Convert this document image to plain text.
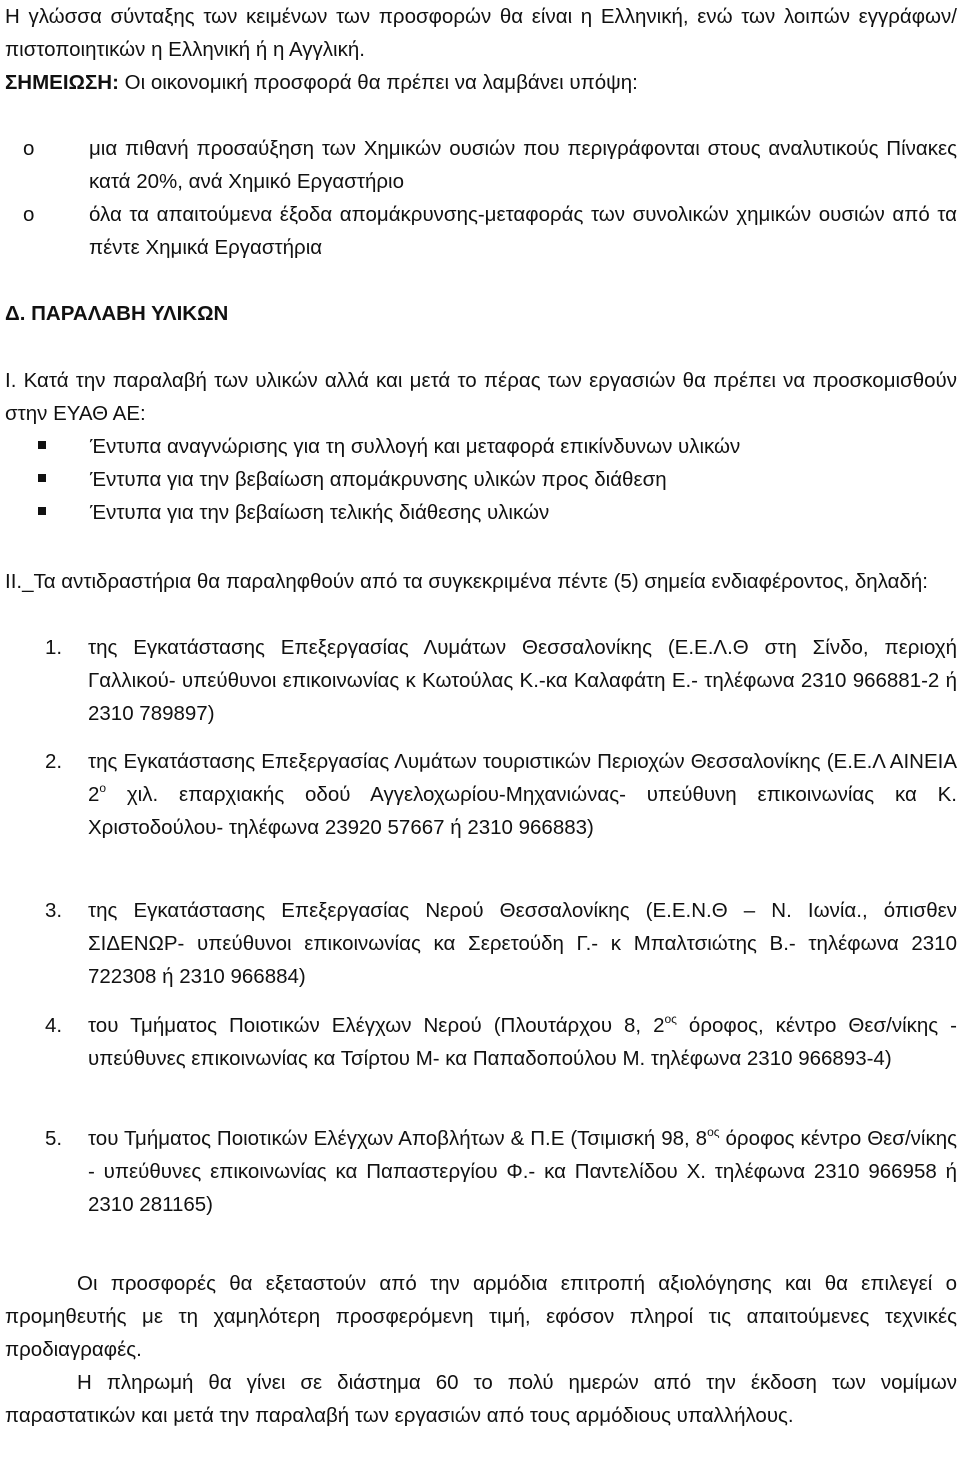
Η γλώσσα σύνταξης των κειμένων των προσφορών θα είναι η Ελληνική, ενώ των λοιπών εγγράφων/ πιστοποιητικών η Ελληνική ή η Αγγλική.

ΣΗΜΕΙΩΣΗ: Οι οικονομική προσφορά θα πρέπει να λαμβάνει υπόψη:

o	μια πιθανή προσαύξηση των Χημικών ουσιών που περιγράφονται στους αναλυτικούς Πίνακες κατά 20%, ανά Χημικό Εργαστήριο
o	όλα τα απαιτούμενα έξοδα απομάκρυνσης-μεταφοράς των συνολικών χημικών ουσιών από τα πέντε Χημικά Εργαστήρια

Δ. ΠΑΡΑΛΑΒΗ ΥΛΙΚΩΝ

Ι. Κατά την παραλαβή των υλικών αλλά και μετά το πέρας των εργασιών θα πρέπει να προσκομισθούν στην ΕΥΑΘ ΑΕ:

Έντυπα αναγνώρισης για τη συλλογή και μεταφορά επικίνδυνων υλικών
Έντυπα για την βεβαίωση απομάκρυνσης υλικών προς διάθεση
Έντυπα για την βεβαίωση τελικής διάθεσης υλικών

ΙΙ._Τα αντιδραστήρια θα παραληφθούν από τα συγκεκριμένα πέντε (5) σημεία ενδιαφέροντος, δηλαδή:

1. της Εγκατάστασης Επεξεργασίας Λυμάτων Θεσσαλονίκης (Ε.Ε.Λ.Θ στη Σίνδο, περιοχή Γαλλικού- υπεύθυνοι επικοινωνίας κ Κωτούλας Κ.-κα Καλαφάτη Ε.- τηλέφωνα 2310 966881-2 ή 2310 789897)
2. της Εγκατάστασης Επεξεργασίας Λυμάτων τουριστικών Περιοχών Θεσσαλονίκης (Ε.Ε.Λ ΑΙΝΕΙΑ $2^o$ χιλ. επαρχιακής οδού Αγγελοχωρίου-Μηχανιώνας- υπεύθυνη επικοινωνίας κα Κ. Χριστοδούλου- τηλέφωνα 23920 57667 ή 2310 966883)
3. της Εγκατάστασης Επεξεργασίας Νερού Θεσσαλονίκης (Ε.Ε.Ν.Θ – Ν. Ιωνία., όπισθεν ΣΙΔΕΝΩΡ- υπεύθυνοι επικοινωνίας κα Σερετούδη Γ.- κ Μπαλτσιώτης Β.- τηλέφωνα 2310 722308 ή 2310 966884)
4. του Τμήματος Ποιοτικών Ελέγχων Νερού (Πλουτάρχου 8, $2^{o\varsigma}$ όροφος, κέντρο Θεσ/νίκης - υπεύθυνες επικοινωνίας κα Τσίρτου Μ- κα Παπαδοπούλου Μ. τηλέφωνα 2310 966893-4)
5. του Τμήματος Ποιοτικών Ελέγχων Αποβλήτων & Π.Ε (Τσιμισκή 98, $8^{o\varsigma}$ όροφος κέντρο Θεσ/νίκης - υπεύθυνες επικοινωνίας κα Παπαστεργίου Φ.- κα Παντελίδου Χ. τηλέφωνα 2310 966958 ή 2310 281165)

Οι προσφορές θα εξεταστούν από την αρμόδια επιτροπή αξιολόγησης και θα επιλεγεί ο προμηθευτής με τη χαμηλότερη προσφερόμενη τιμή, εφόσον πληροί τις απαιτούμενες τεχνικές προδιαγραφές.

Η πληρωμή θα γίνει σε διάστημα 60 το πολύ ημερών από την έκδοση των νομίμων παραστατικών και μετά την παραλαβή των εργασιών από τους αρμόδιους υπαλλήλους.
